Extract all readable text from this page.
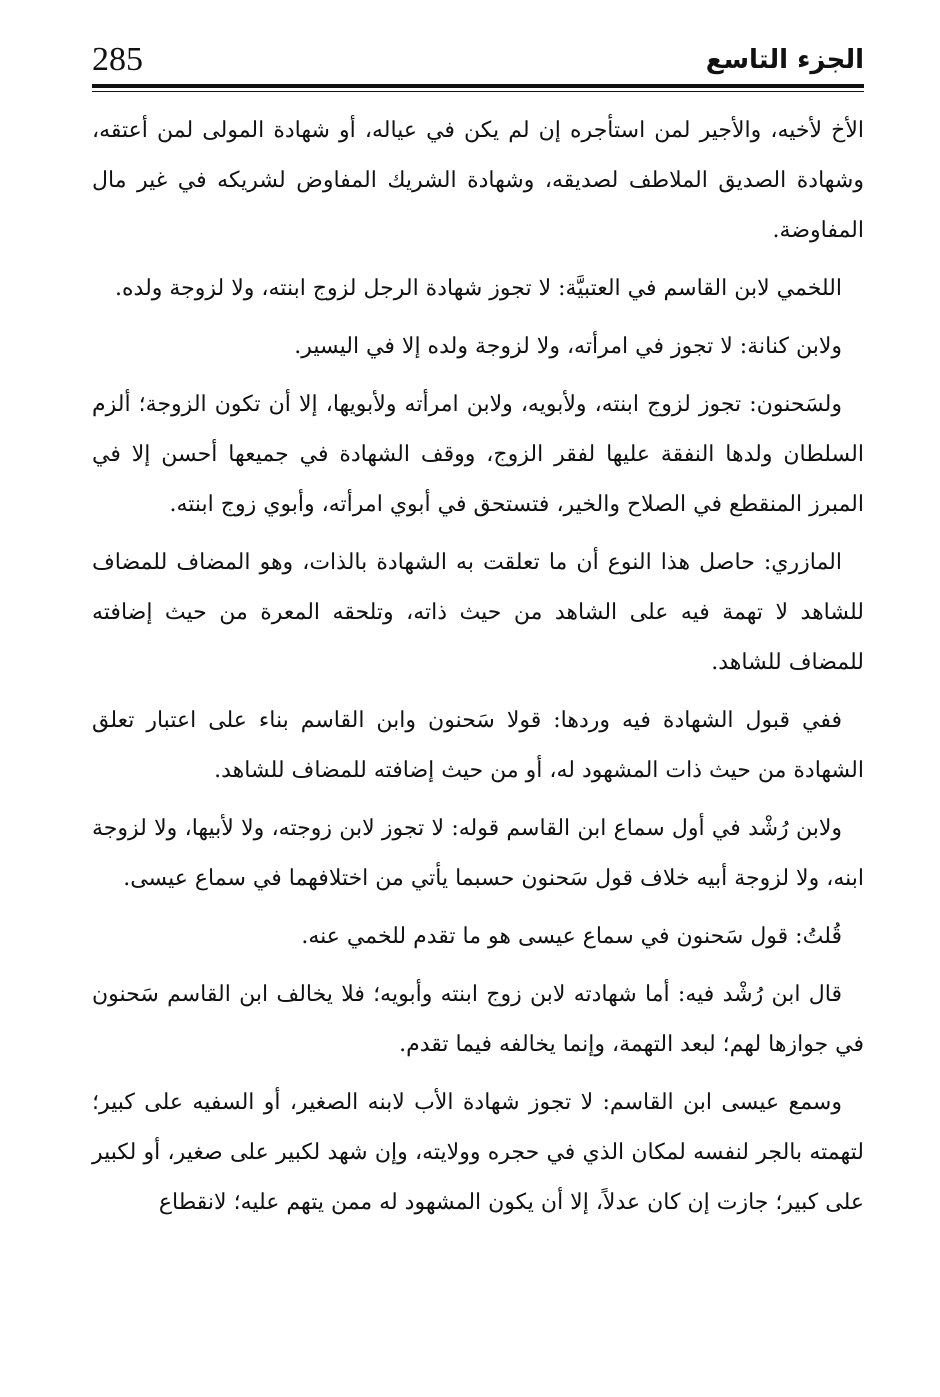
الجزء التاسع
285

الأخ لأخيه، والأجير لمن استأجره إن لم يكن في عياله، أو شهادة المولى لمن أعتقه، وشهادة الصديق الملاطف لصديقه، وشهادة الشريك المفاوض لشريكه في غير مال المفاوضة.

اللخمي لابن القاسم في العتبيَّة: لا تجوز شهادة الرجل لزوج ابنته، ولا لزوجة ولده.

ولابن كنانة: لا تجوز في امرأته، ولا لزوجة ولده إلا في اليسير.

ولسَحنون: تجوز لزوج ابنته، ولأبويه، ولابن امرأته ولأبويها، إلا أن تكون الزوجة؛ ألزم السلطان ولدها النفقة عليها لفقر الزوج، ووقف الشهادة في جميعها أحسن إلا في المبرز المنقطع في الصلاح والخير، فتستحق في أبوي امرأته، وأبوي زوج ابنته.

المازري: حاصل هذا النوع أن ما تعلقت به الشهادة بالذات، وهو المضاف للمضاف للشاهد لا تهمة فيه على الشاهد من حيث ذاته، وتلحقه المعرة من حيث إضافته للمضاف للشاهد.

ففي قبول الشهادة فيه وردها: قولا سَحنون وابن القاسم بناء على اعتبار تعلق الشهادة من حيث ذات المشهود له، أو من حيث إضافته للمضاف للشاهد.

ولابن رُشْد في أول سماع ابن القاسم قوله: لا تجوز لابن زوجته، ولا لأبيها، ولا لزوجة ابنه، ولا لزوجة أبيه خلاف قول سَحنون حسبما يأتي من اختلافهما في سماع عيسى.

قُلتُ: قول سَحنون في سماع عيسى هو ما تقدم للخمي عنه.

قال ابن رُشْد فيه: أما شهادته لابن زوج ابنته وأبويه؛ فلا يخالف ابن القاسم سَحنون في جوازها لهم؛ لبعد التهمة، وإنما يخالفه فيما تقدم.

وسمع عيسى ابن القاسم: لا تجوز شهادة الأب لابنه الصغير، أو السفيه على كبير؛ لتهمته بالجر لنفسه لمكان الذي في حجره وولايته، وإن شهد لكبير على صغير، أو لكبير على كبير؛ جازت إن كان عدلاً، إلا أن يكون المشهود له ممن يتهم عليه؛ لانقطاع
